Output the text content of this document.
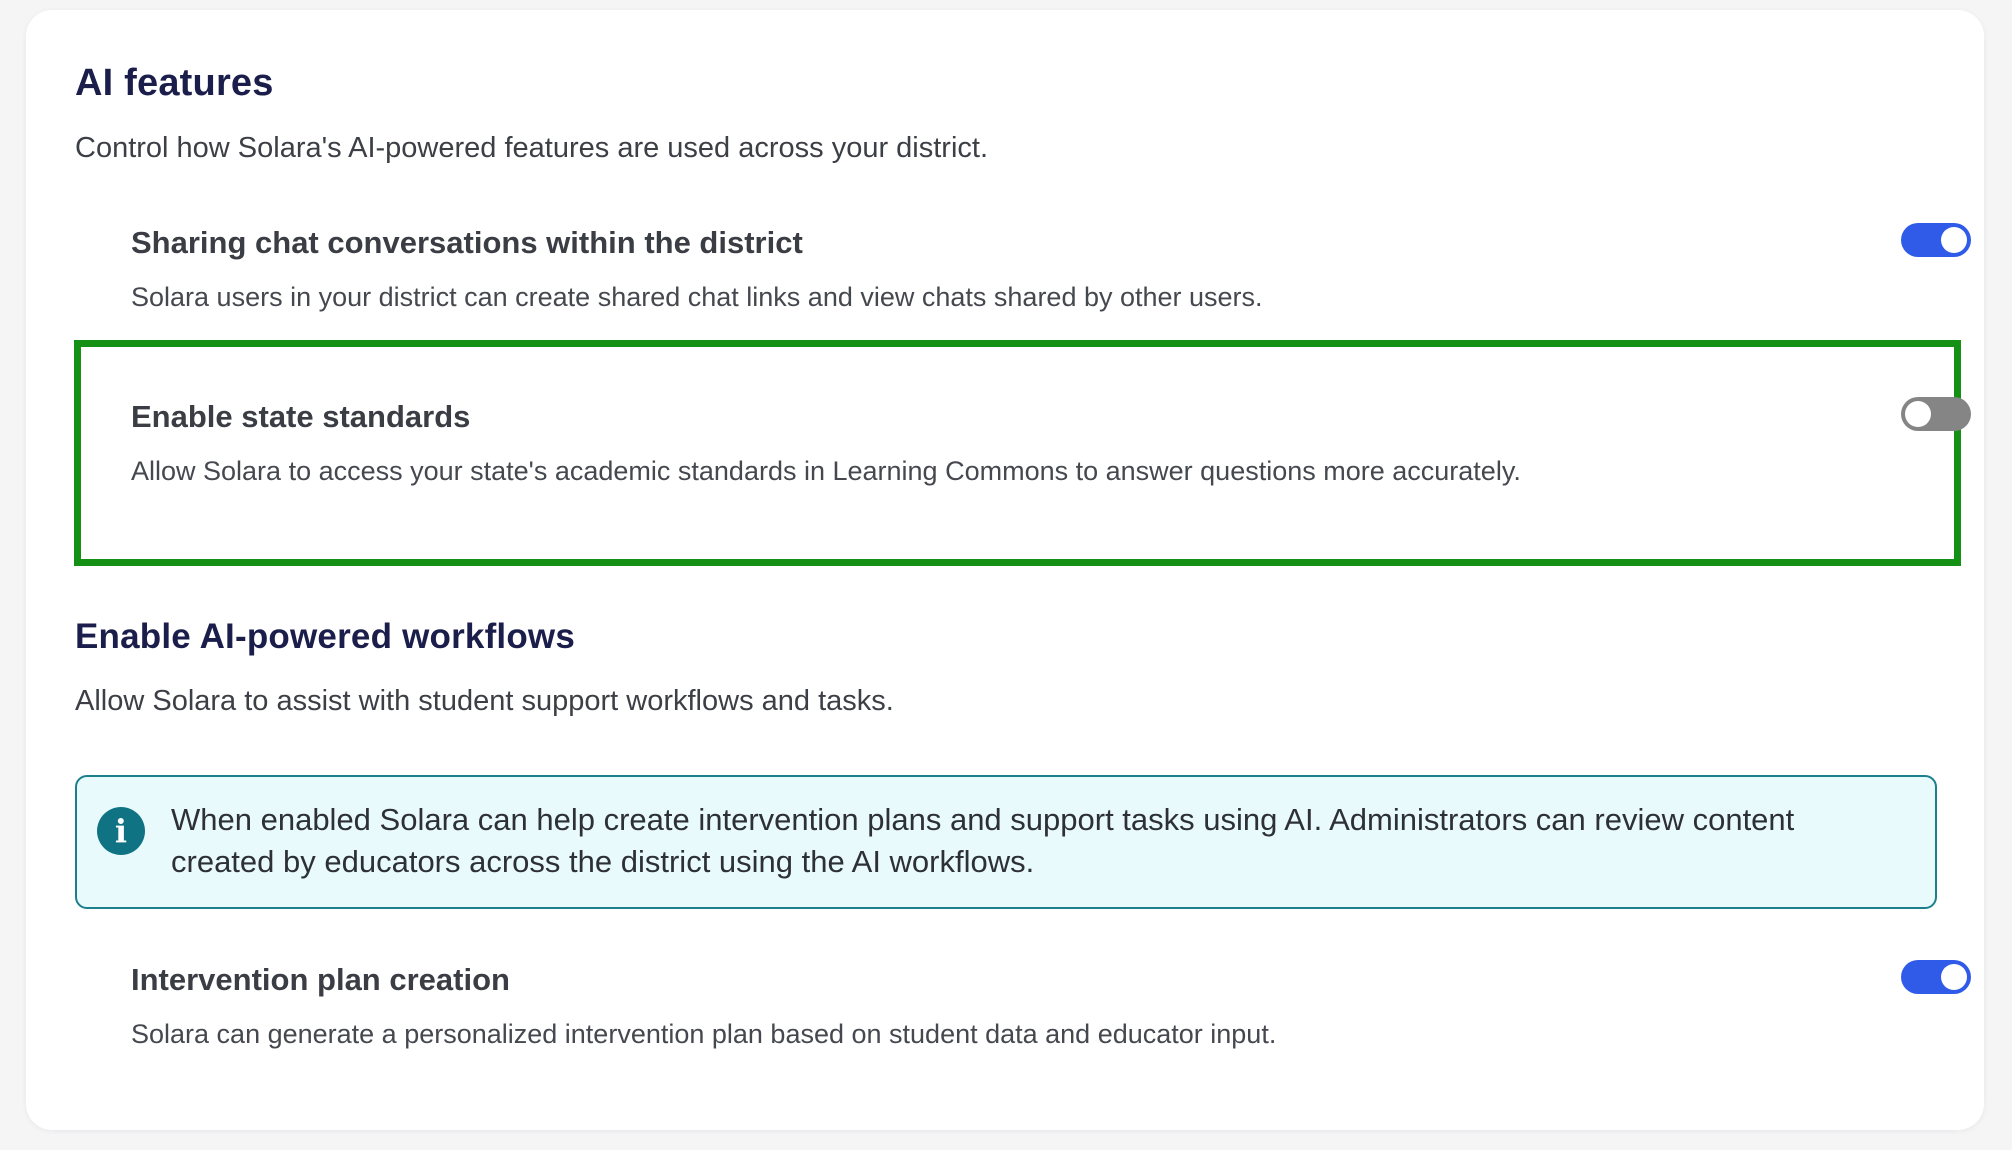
AI features
Control how Solara's AI-powered features are used across your district.
Sharing chat conversations within the district
Solara users in your district can create shared chat links and view chats shared by other users.
Enable state standards
Allow Solara to access your state's academic standards in Learning Commons to answer questions more accurately.
Enable AI-powered workflows
Allow Solara to assist with student support workflows and tasks.
i	When enabled Solara can help create intervention plans and support tasks using AI. Administrators can review content created by educators across the district using the AI workflows.
Intervention plan creation
Solara can generate a personalized intervention plan based on student data and educator input.
